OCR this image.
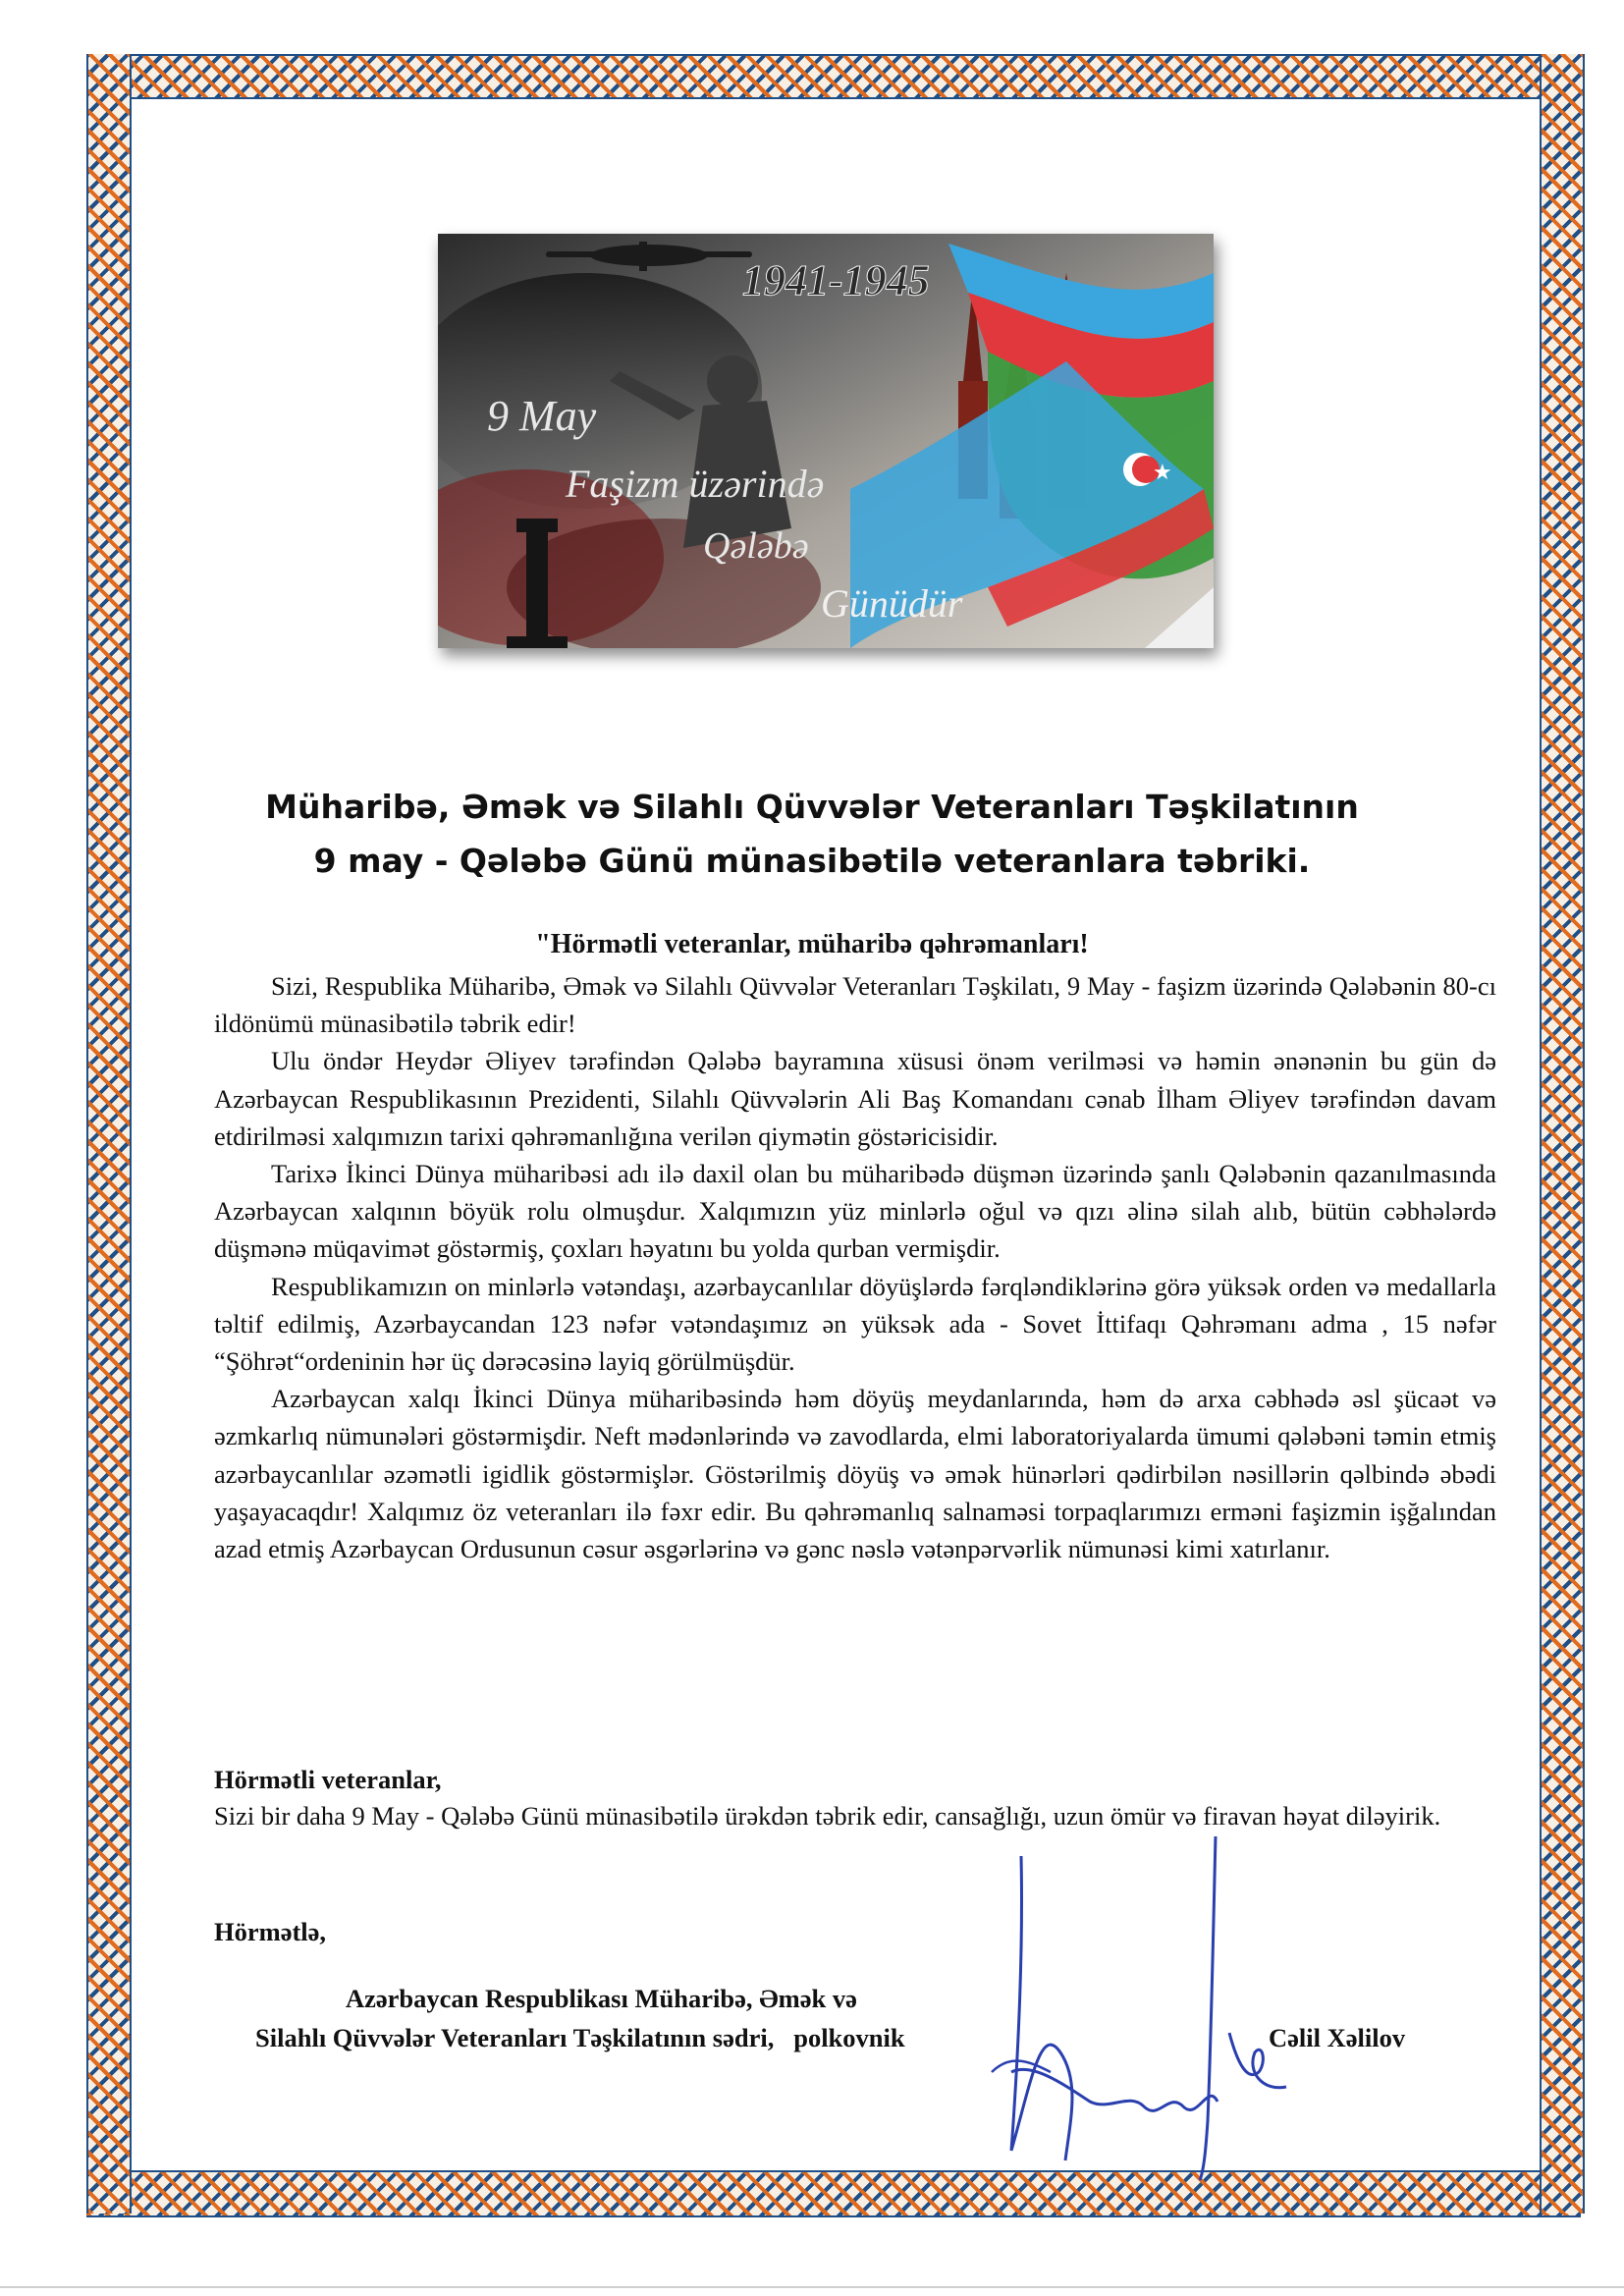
★
1941-1945
9 May
Faşizm üzərində
Qələbə
Günüdür
Müharibə, Əmək və Silahlı Qüvvələr Veteranları Təşkilatının
9 may - Qələbə Günü münasibətilə veteranlara təbriki.
"Hörmətli veteranlar, müharibə qəhrəmanları!

Sizi, Respublika Müharibə, Əmək və Silahlı Qüvvələr Veteranları Təşkilatı, 9 May - faşizm üzərində Qələbənin 80-cı ildönümü münasibətilə təbrik edir!

Ulu öndər Heydər Əliyev tərəfindən Qələbə bayramına xüsusi önəm verilməsi və həmin ənənənin bu gün də Azərbaycan Respublikasının Prezidenti, Silahlı Qüvvələrin Ali Baş Komandanı cənab İlham Əliyev tərəfindən davam etdirilməsi xalqımızın tarixi qəhrəmanlığına verilən qiymətin göstəricisidir.

Tarixə İkinci Dünya müharibəsi adı ilə daxil olan bu müharibədə düşmən üzərində şanlı Qələbənin qazanılmasında Azərbaycan xalqının böyük rolu olmuşdur. Xalqımızın yüz minlərlə oğul və qızı əlinə silah alıb, bütün cəbhələrdə düşmənə müqavimət göstərmiş, çoxları həyatını bu yolda qurban vermişdir.

Respublikamızın on minlərlə vətəndaşı, azərbaycanlılar döyüşlərdə fərqləndiklərinə görə yüksək orden və medallarla təltif edilmiş, Azərbaycandan 123 nəfər vətəndaşımız ən yüksək ada - Sovet İttifaqı Qəhrəmanı adma , 15 nəfər “Şöhrət“ordeninin hər üç dərəcəsinə layiq görülmüşdür.

Azərbaycan xalqı İkinci Dünya müharibəsində həm döyüş meydanlarında, həm də arxa cəbhədə əsl şücaət və əzmkarlıq nümunələri göstərmişdir. Neft mədənlərində və zavodlarda, elmi laboratoriyalarda ümumi qələbəni təmin etmiş azərbaycanlılar əzəmətli igidlik göstərmişlər. Göstərilmiş döyüş və əmək hünərləri qədirbilən nəsillərin qəlbində əbədi yaşayacaqdır! Xalqımız öz veteranları ilə fəxr edir. Bu qəhrəmanlıq salnaməsi torpaqlarımızı erməni faşizmin işğalından azad etmiş Azərbaycan Ordusunun cəsur əsgərlərinə və gənc nəslə vətənpərvərlik nümunəsi kimi xatırlanır.

Hörmətli veteranlar,
Sizi bir daha 9 May - Qələbə Günü münasibətilə ürəkdən təbrik edir, cansağlığı, uzun ömür və firavan həyat diləyirik.
Hörmətlə,
Azərbaycan Respublikası Müharibə, Əmək və
Silahlı Qüvvələr Veteranları Təşkilatının sədri,   polkovnik	Cəlil Xəlilov
